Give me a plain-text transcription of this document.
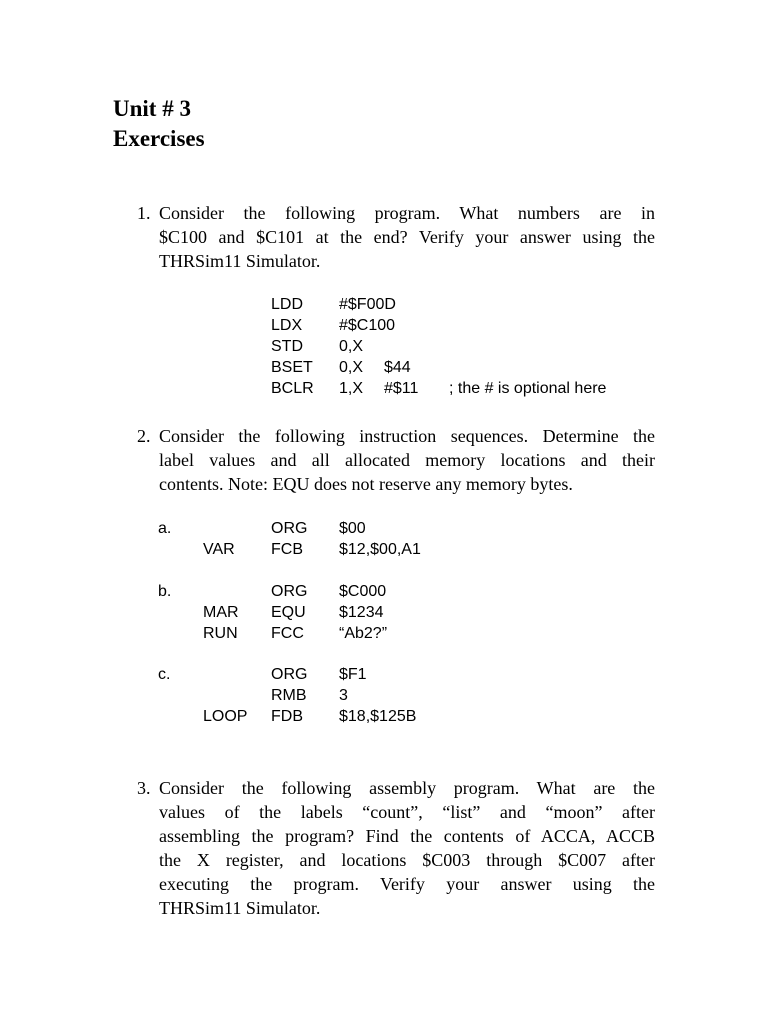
Unit # 3
Exercises
1. Consider the following program. What numbers are in
$C100 and $C101 at the end? Verify your answer using the
THRSim11 Simulator.
LDD #$F00D
LDX #$C100
STD 0,X
BSET 0,X $44
BCLR 1,X #$11 ; the # is optional here
2. Consider the following instruction sequences. Determine the
label values and all allocated memory locations and their
contents. Note: EQU does not reserve any memory bytes.
a.	ORG $00
VAR FCB $12,$00,A1
b.	ORG $C000
MAR EQU $1234
RUN FCC “Ab2?”
c.	ORG $F1
RMB 3
LOOP FDB $18,$125B
3. Consider the following assembly program. What are the
values of the labels “count”, “list” and “moon” after
assembling the program? Find the contents of ACCA, ACCB
the X register, and locations $C003 through $C007 after
executing the program. Verify your answer using the
THRSim11 Simulator.
